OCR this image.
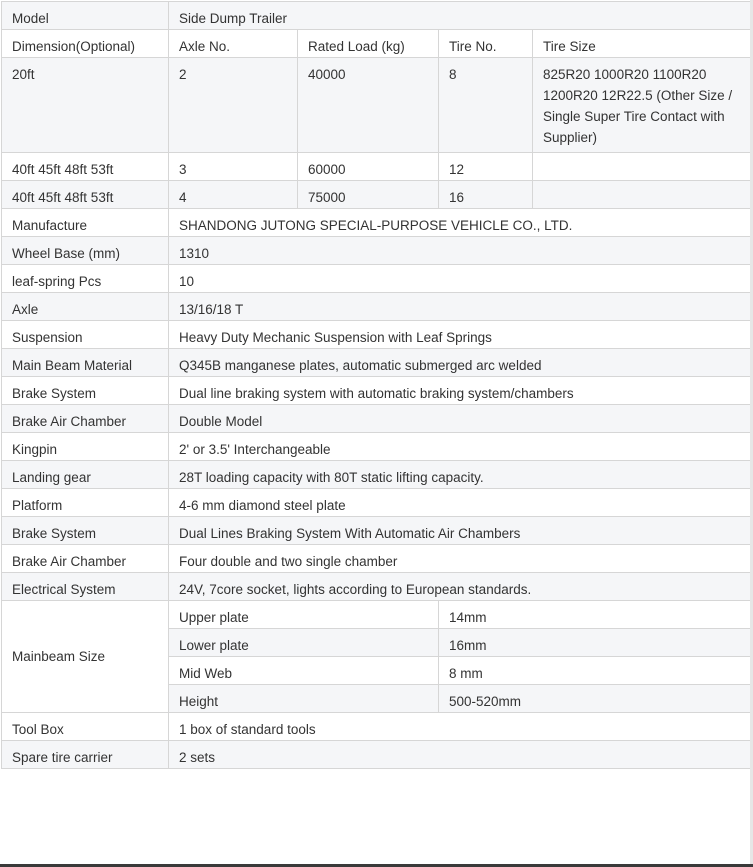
Model	Side Dump Trailer			
Dimension(Optional)	Axle No.	Rated Load (kg)	Tire No.	Tire Size
20ft	2	40000	8	825R20 1000R20 1100R20 1200R20 12R22.5 (Other Size / Single Super Tire Contact with Supplier)
40ft 45ft 48ft 53ft	3	60000	12	
40ft 45ft 48ft 53ft	4	75000	16	
Manufacture	SHANDONG JUTONG SPECIAL-PURPOSE VEHICLE CO., LTD.			
Wheel Base (mm)	1310			
leaf-spring Pcs	10			
Axle	13/16/18 T			
Suspension	Heavy Duty Mechanic Suspension with Leaf Springs			
Main Beam Material	Q345B manganese plates, automatic submerged arc welded			
Brake System	Dual line braking system with automatic braking system/chambers			
Brake Air Chamber	Double Model			
Kingpin	2' or 3.5' Interchangeable			
Landing gear	28T loading capacity with 80T static lifting capacity.			
Platform	4-6 mm diamond steel plate			
Brake System	Dual Lines Braking System With Automatic Air Chambers			
Brake Air Chamber	Four double and two single chamber			
Electrical System	24V, 7core socket, lights according to European standards.			
Mainbeam Size	Upper plate		14mm	
	Lower plate		16mm	
	Mid Web		8 mm	
	Height		500-520mm	
Tool Box	1 box of standard tools			
Spare tire carrier	2 sets			
